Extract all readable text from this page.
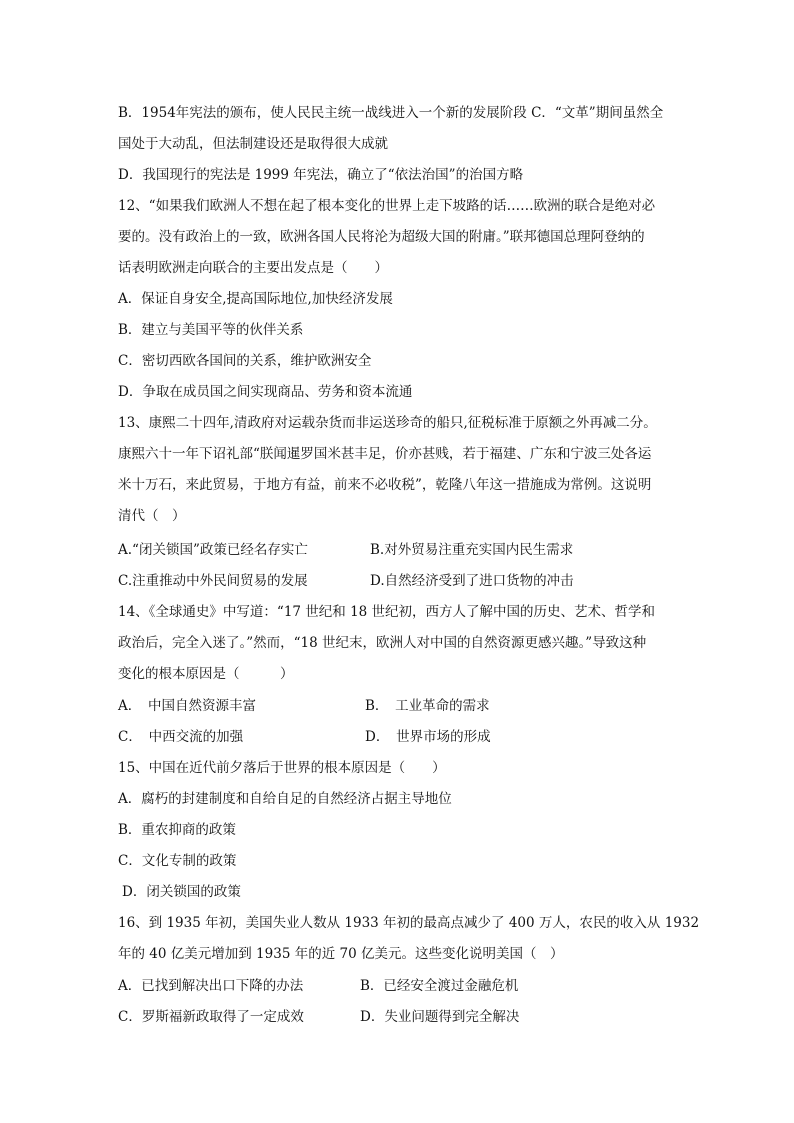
B．1954年宪法的颁布，使人民民主统一战线进入一个新的发展阶段 C．“文革”期间虽然全
国处于大动乱，但法制建设还是取得很大成就
D．我国现行的宪法是 1999 年宪法，确立了“依法治国”的治国方略
12、“如果我们欧洲人不想在起了根本变化的世界上走下坡路的话……欧洲的联合是绝对必
要的。没有政治上的一致，欧洲各国人民将沦为超级大国的附庸。”联邦德国总理阿登纳的
话表明欧洲走向联合的主要出发点是（　　）
A．保证自身安全,提高国际地位,加快经济发展
B．建立与美国平等的伙伴关系
C．密切西欧各国间的关系，维护欧洲安全
D．争取在成员国之间实现商品、劳务和资本流通
13、康熙二十四年,清政府对运载杂货而非运送珍奇的船只,征税标准于原额之外再减二分。
康熙六十一年下诏礼部“朕闻暹罗国米甚丰足，价亦甚贱，若于福建、广东和宁波三处各运
米十万石，来此贸易，于地方有益，前来不必收税”，乾隆八年这一措施成为常例。这说明
清代（　）
A.“闭关锁国”政策已经名存实亡	B.对外贸易注重充实国内民生需求
C.注重推动中外民间贸易的发展	D.自然经济受到了进口货物的冲击
14、《全球通史》中写道：“17 世纪和 18 世纪初，西方人了解中国的历史、艺术、哲学和
政治后，完全入迷了。”然而，“18 世纪末，欧洲人对中国的自然资源更感兴趣。”导致这种
变化的根本原因是（　　　）
A．　中国自然资源丰富	B．　工业革命的需求
C．　中西交流的加强	D．　世界市场的形成
15、中国在近代前夕落后于世界的根本原因是（　　）
A．腐朽的封建制度和自给自足的自然经济占据主导地位
B．重农抑商的政策
C．文化专制的政策
D．闭关锁国的政策
16、到 1935 年初，美国失业人数从 1933 年初的最高点减少了 400 万人，农民的收入从 1932
年的 40 亿美元增加到 1935 年的近 70 亿美元。这些变化说明美国（　）
A．已找到解决出口下降的办法	B．已经安全渡过金融危机
C．罗斯福新政取得了一定成效	D．失业问题得到完全解决
